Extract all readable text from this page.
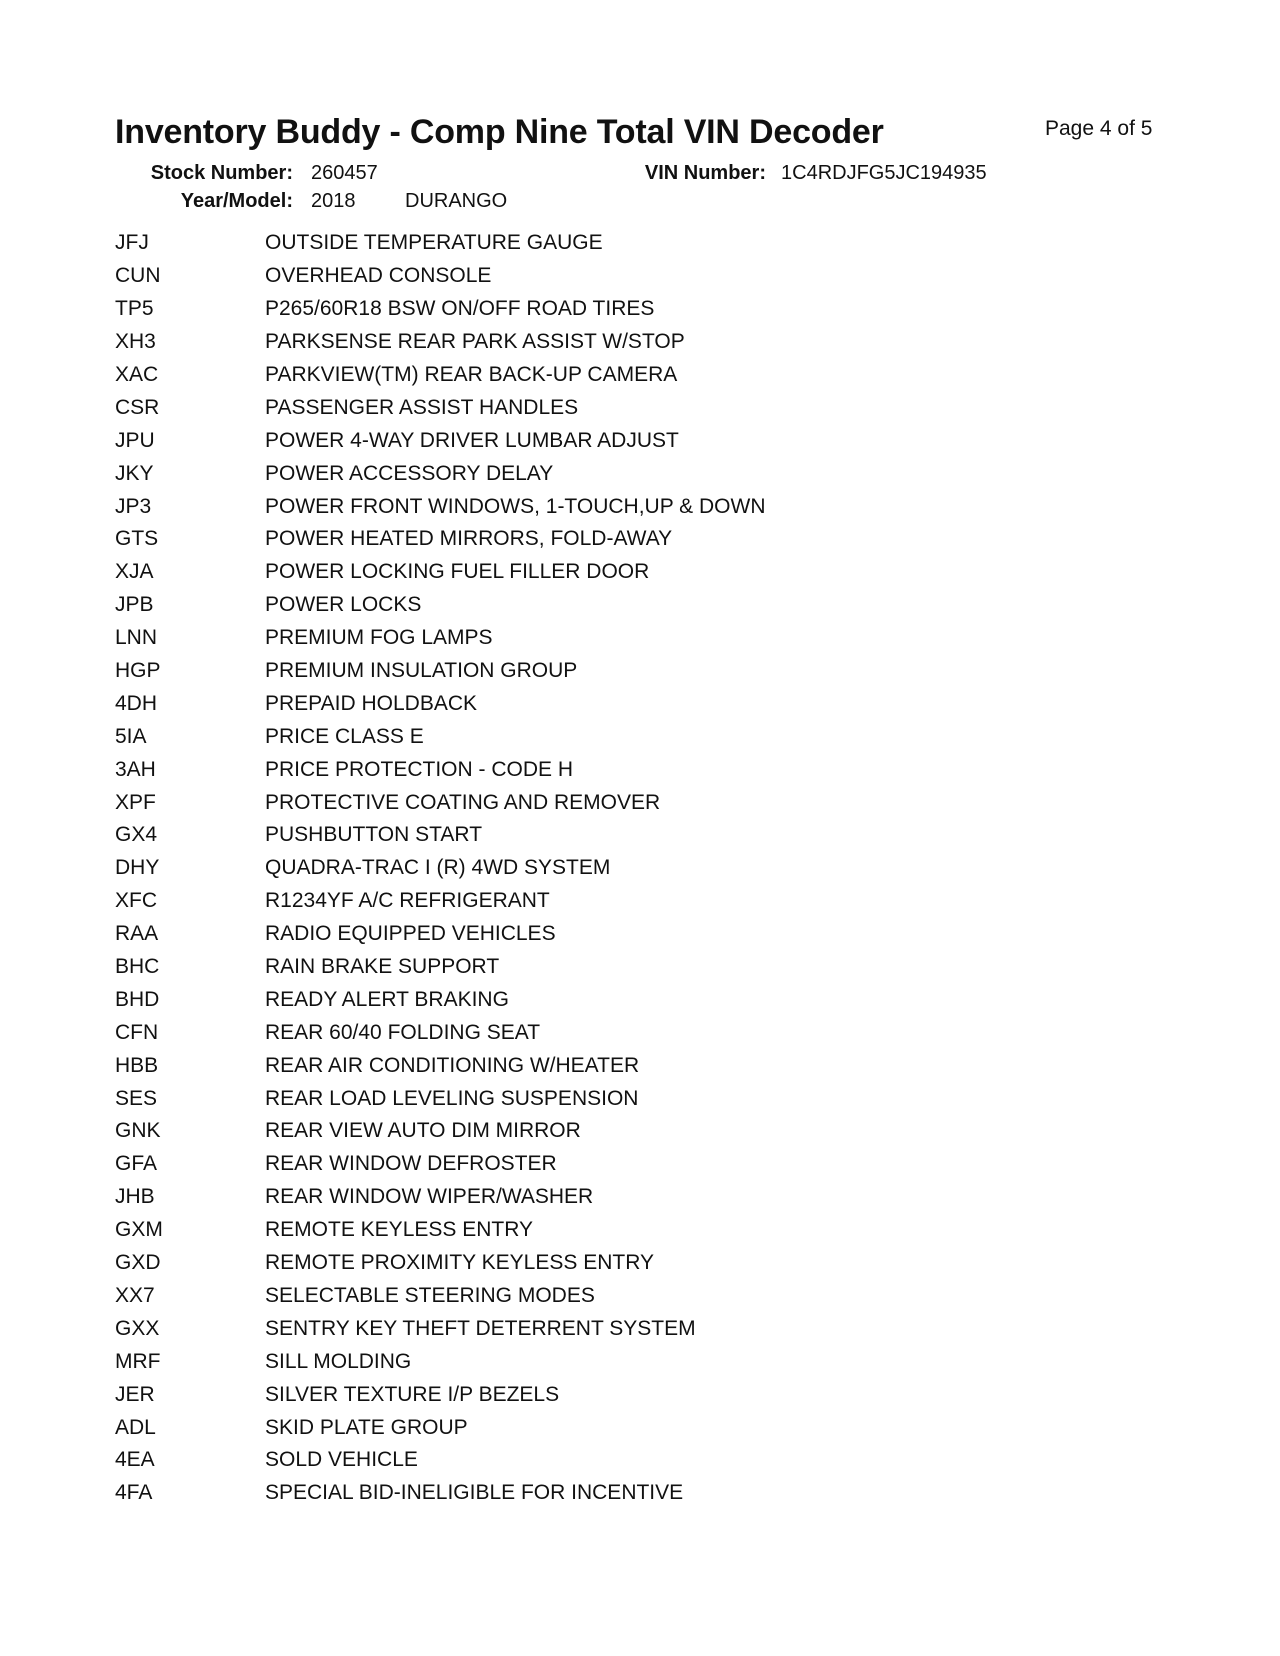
Inventory Buddy - Comp Nine Total VIN Decoder	Page 4 of 5
Stock Number: 260457	VIN Number: 1C4RDJFG5JC194935
Year/Model: 2018 DURANGO
JFJ	OUTSIDE TEMPERATURE GAUGE
CUN	OVERHEAD CONSOLE
TP5	P265/60R18 BSW ON/OFF ROAD TIRES
XH3	PARKSENSE REAR PARK ASSIST W/STOP
XAC	PARKVIEW(TM) REAR BACK-UP CAMERA
CSR	PASSENGER ASSIST HANDLES
JPU	POWER 4-WAY DRIVER LUMBAR ADJUST
JKY	POWER ACCESSORY DELAY
JP3	POWER FRONT WINDOWS, 1-TOUCH,UP & DOWN
GTS	POWER HEATED MIRRORS, FOLD-AWAY
XJA	POWER LOCKING FUEL FILLER DOOR
JPB	POWER LOCKS
LNN	PREMIUM FOG LAMPS
HGP	PREMIUM INSULATION GROUP
4DH	PREPAID HOLDBACK
5IA	PRICE CLASS E
3AH	PRICE PROTECTION - CODE H
XPF	PROTECTIVE COATING AND REMOVER
GX4	PUSHBUTTON START
DHY	QUADRA-TRAC I (R) 4WD SYSTEM
XFC	R1234YF A/C REFRIGERANT
RAA	RADIO EQUIPPED VEHICLES
BHC	RAIN BRAKE SUPPORT
BHD	READY ALERT BRAKING
CFN	REAR 60/40 FOLDING SEAT
HBB	REAR AIR CONDITIONING W/HEATER
SES	REAR LOAD LEVELING SUSPENSION
GNK	REAR VIEW AUTO DIM MIRROR
GFA	REAR WINDOW DEFROSTER
JHB	REAR WINDOW WIPER/WASHER
GXM	REMOTE KEYLESS ENTRY
GXD	REMOTE PROXIMITY KEYLESS ENTRY
XX7	SELECTABLE STEERING MODES
GXX	SENTRY KEY THEFT DETERRENT SYSTEM
MRF	SILL MOLDING
JER	SILVER TEXTURE I/P BEZELS
ADL	SKID PLATE GROUP
4EA	SOLD VEHICLE
4FA	SPECIAL BID-INELIGIBLE FOR INCENTIVE
